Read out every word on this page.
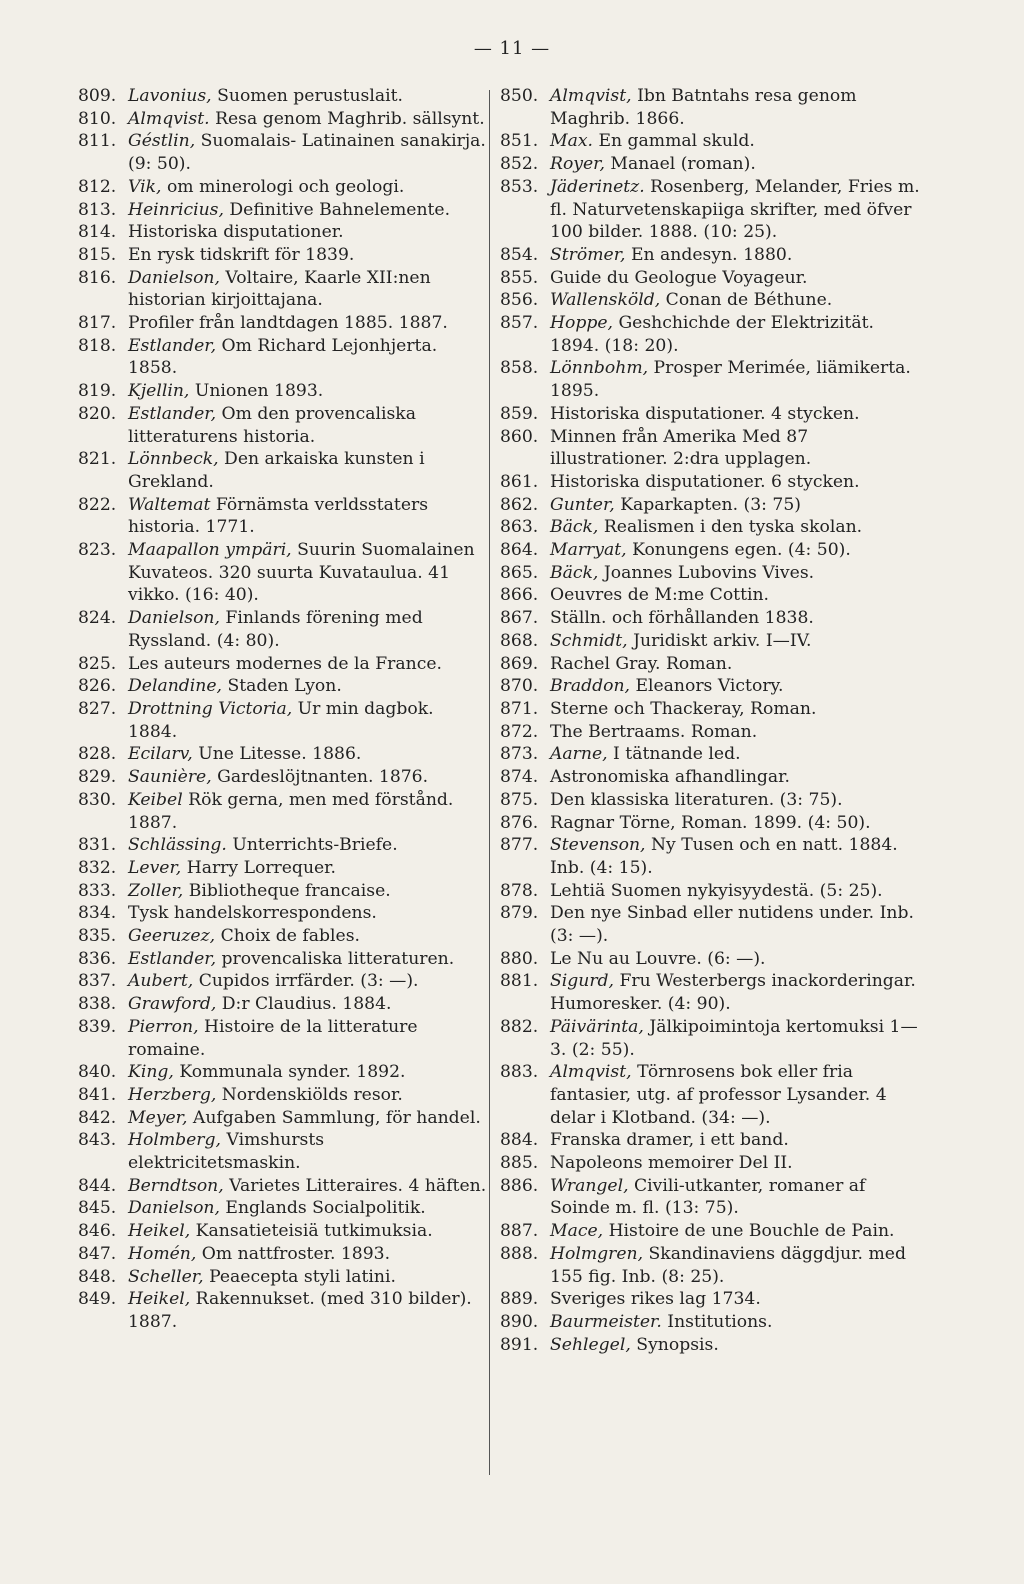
— 11 —
809. Lavonius, Suomen perustuslait.
810. Almqvist. Resa genom Maghrib. sällsynt.
811. Géstlin, Suomalais- Latinainen sanakirja. (9: 50).
812. Vik, om minerologi och geologi.
813. Heinricius, Definitive Bahnelemente.
814. Historiska disputationer.
815. En rysk tidskrift för 1839.
816. Danielson, Voltaire, Kaarle XII:nen historian kirjoittajana.
817. Profiler från landtdagen 1885. 1887.
818. Estlander, Om Richard Lejonhjerta. 1858.
819. Kjellin, Unionen 1893.
820. Estlander, Om den provencaliska litteraturens historia.
821. Lönnbeck, Den arkaiska kunsten i Grekland.
822. Waltemat Förnämsta verldsstaters historia. 1771.
823. Maapallon ympäri, Suurin Suomalainen Kuvateos. 320 suurta Kuvataulua. 41 vikko. (16: 40).
824. Danielson, Finlands förening med Ryssland. (4: 80).
825. Les auteurs modernes de la France.
826. Delandine, Staden Lyon.
827. Drottning Victoria, Ur min dagbok. 1884.
828. Ecilarv, Une Litesse. 1886.
829. Saunière, Gardeslöjtnanten. 1876.
830. Keibel Rök gerna, men med förstånd. 1887.
831. Schlässing. Unterrichts-Briefe.
832. Lever, Harry Lorrequer.
833. Zoller, Bibliotheque francaise.
834. Tysk handelskorrespondens.
835. Geeruzez, Choix de fables.
836. Estlander, provencaliska litteraturen.
837. Aubert, Cupidos irrfärder. (3: —).
838. Grawford, D:r Claudius. 1884.
839. Pierron, Histoire de la litterature romaine.
840. King, Kommunala synder. 1892.
841. Herzberg, Nordenskiölds resor.
842. Meyer, Aufgaben Sammlung, för handel.
843. Holmberg, Vimshursts elektricitetsmaskin.
844. Berndtson, Varietes Litteraires. 4 häften.
845. Danielson, Englands Socialpolitik.
846. Heikel, Kansatieteisiä tutkimuksia.
847. Homén, Om nattfroster. 1893.
848. Scheller, Peaecepta styli latini.
849. Heikel, Rakennukset. (med 310 bilder). 1887.
850. Almqvist, Ibn Batntahs resa genom Maghrib. 1866.
851. Max. En gammal skuld.
852. Royer, Manael (roman).
853. Jäderinetz. Rosenberg, Melander, Fries m. fl. Naturvetenskapiiga skrifter, med öfver 100 bilder. 1888. (10: 25).
854. Strömer, En andesyn. 1880.
855. Guide du Geologue Voyageur.
856. Wallensköld, Conan de Béthune.
857. Hoppe, Geshchichde der Elektrizität. 1894. (18: 20).
858. Lönnbohm, Prosper Merimée, liämikerta. 1895.
859. Historiska disputationer. 4 stycken.
860. Minnen från Amerika Med 87 illustrationer. 2:dra upplagen.
861. Historiska disputationer. 6 stycken.
862. Gunter, Kaparkapten. (3: 75)
863. Bäck, Realismen i den tyska skolan.
864. Marryat, Konungens egen. (4: 50).
865. Bäck, Joannes Lubovins Vives.
866. Oeuvres de M:me Cottin.
867. Ställn. och förhållanden 1838.
868. Schmidt, Juridiskt arkiv. I—IV.
869. Rachel Gray. Roman.
870. Braddon, Eleanors Victory.
871. Sterne och Thackeray, Roman.
872. The Bertraams. Roman.
873. Aarne, I tätnande led.
874. Astronomiska afhandlingar.
875. Den klassiska literaturen. (3: 75).
876. Ragnar Törne, Roman. 1899. (4: 50).
877. Stevenson, Ny Tusen och en natt. 1884. Inb. (4: 15).
878. Lehtiä Suomen nykyisyydestä. (5: 25).
879. Den nye Sinbad eller nutidens under. Inb. (3: —).
880. Le Nu au Louvre. (6: —).
881. Sigurd, Fru Westerbergs inackorderingar. Humoresker. (4: 90).
882. Päivärinta, Jälkipoimintoja kertomuksi 1—3. (2: 55).
883. Almqvist, Törnrosens bok eller fria fantasier, utg. af professor Lysander. 4 delar i Klotband. (34: —).
884. Franska dramer, i ett band.
885. Napoleons memoirer Del II.
886. Wrangel, Civili-utkanter, romaner af Soinde m. fl. (13: 75).
887. Mace, Histoire de une Bouchle de Pain.
888. Holmgren, Skandinaviens däggdjur. med 155 fig. Inb. (8: 25).
889. Sveriges rikes lag 1734.
890. Baurmeister. Institutions.
891. Sehlegel, Synopsis.
